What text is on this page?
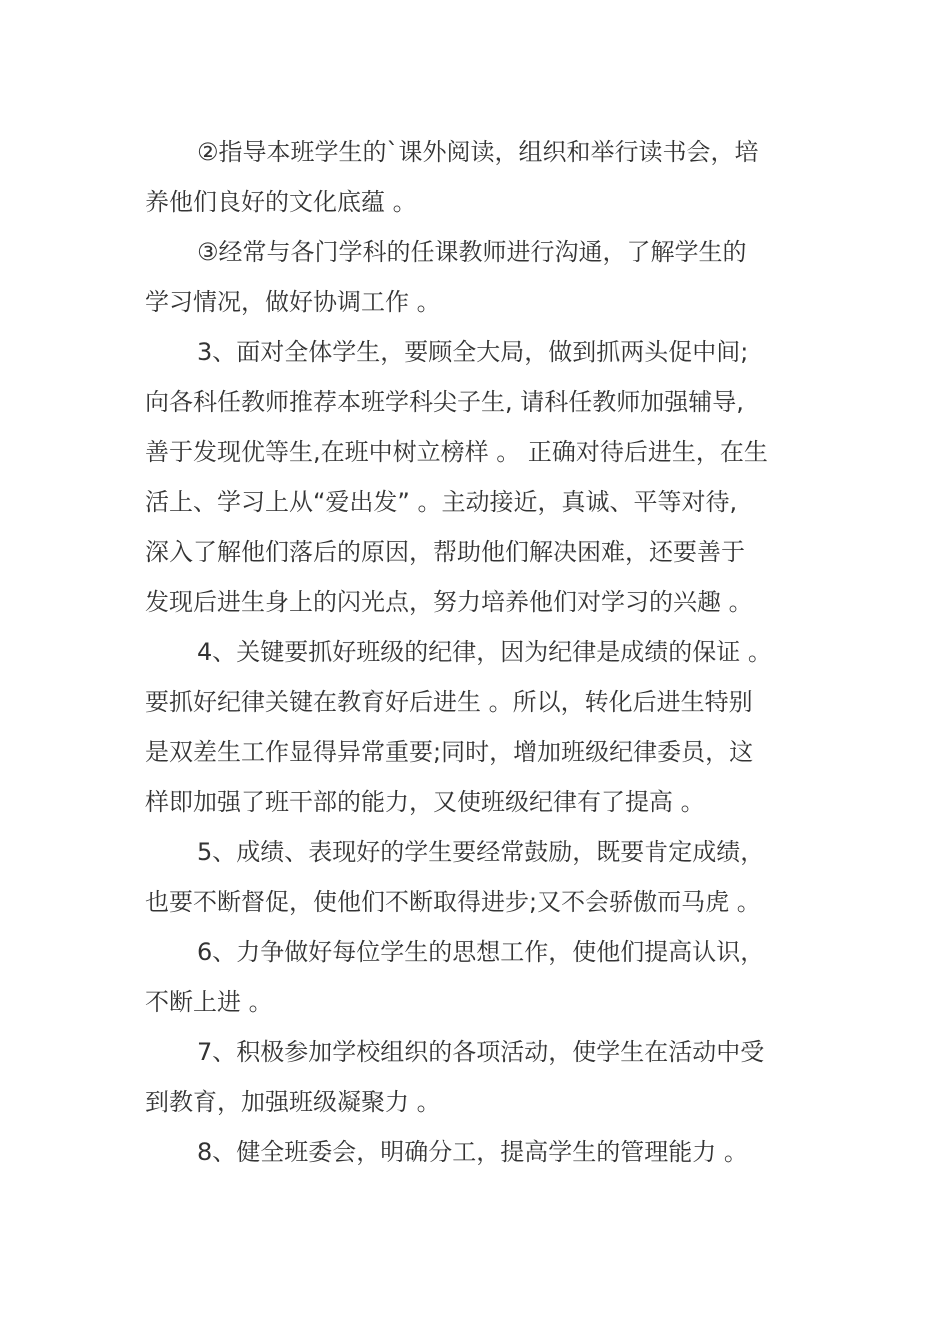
②指导本班学生的`课外阅读，组织和举行读书会，培
养他们良好的文化底蕴 。
③经常与各门学科的任课教师进行沟通，了解学生的
学习情况，做好协调工作 。
3、面对全体学生，要顾全大局，做到抓两头促中间;
向各科任教师推荐本班学科尖子生, 请科任教师加强辅导,
善于发现优等生,在班中树立榜样 。 正确对待后进生，在生
活上、学习上从“爱出发” 。主动接近，真诚、平等对待,
深入了解他们落后的原因，帮助他们解决困难，还要善于
发现后进生身上的闪光点，努力培养他们对学习的兴趣 。
4、关键要抓好班级的纪律，因为纪律是成绩的保证 。
要抓好纪律关键在教育好后进生 。所以，转化后进生特别
是双差生工作显得异常重要;同时，增加班级纪律委员，这
样即加强了班干部的能力，又使班级纪律有了提高 。
5、成绩、表现好的学生要经常鼓励，既要肯定成绩，
也要不断督促，使他们不断取得进步;又不会骄傲而马虎 。
6、力争做好每位学生的思想工作，使他们提高认识，
不断上进 。
7、积极参加学校组织的各项活动，使学生在活动中受
到教育，加强班级凝聚力 。
8、健全班委会，明确分工，提高学生的管理能力 。
